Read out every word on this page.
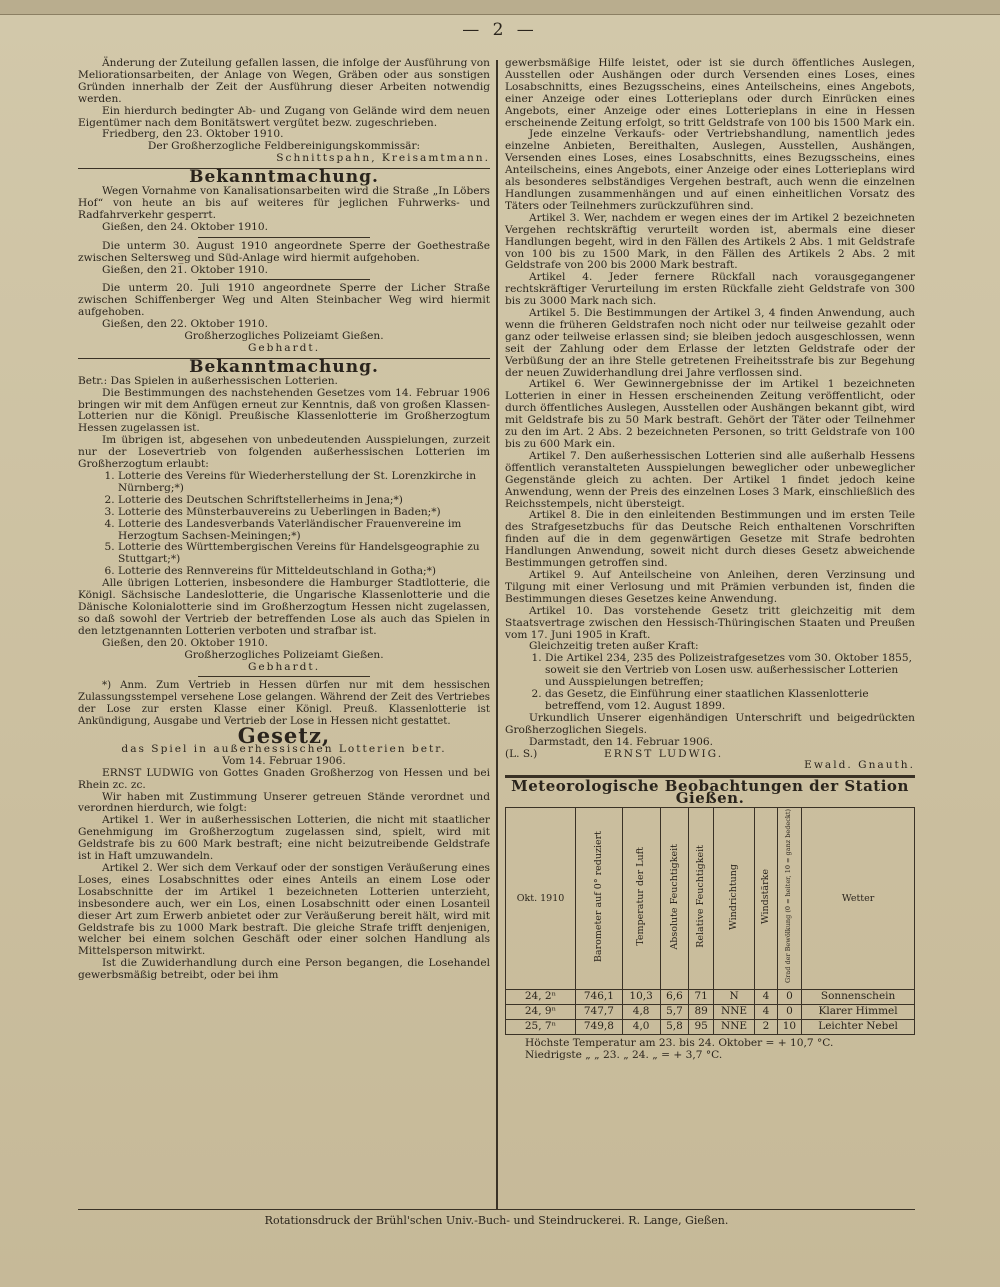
— 2 —

Änderung der Zuteilung gefallen lassen, die infolge der Ausführung von Meliorationsarbeiten, der Anlage von Wegen, Gräben oder aus sonstigen Gründen innerhalb der Zeit der Ausführung dieser Arbeiten notwendig werden.

Ein hierdurch bedingter Ab- und Zugang von Gelände wird dem neuen Eigentümer nach dem Bonitätswert vergütet bezw. zugeschrieben.

Friedberg, den 23. Oktober 1910.

Der Großherzogliche Feldbereinigungskommissär:

Schnittspahn, Kreisamtmann.

Bekanntmachung.

Wegen Vornahme von Kanalisationsarbeiten wird die Straße „In Löbers Hof“ von heute an bis auf weiteres für jeglichen Fuhrwerks- und Radfahrverkehr gesperrt.

Gießen, den 24. Oktober 1910.

Die unterm 30. August 1910 angeordnete Sperre der Goethestraße zwischen Selterswe̲g und Süd-Anlage wird hiermit aufgehoben.

Gießen, den 21. Oktober 1910.

Die unterm 20. Juli 1910 angeordnete Sperre der Licher Straße zwischen Schiffenberger Weg und Alten Steinbacher Weg wird hiermit aufgehoben.

Gießen, den 22. Oktober 1910.

Großherzogliches Polizeiamt Gießen.

Gebhardt.

Bekanntmachung.

Betr.: Das Spielen in außerhessischen Lotterien.

Die Bestimmungen des nachstehenden Gesetzes vom 14. Februar 1906 bringen wir mit dem Anfügen erneut zur Kenntnis, daß von großen Klassen-Lotterien nur die Königl. Preußische Klassenlotterie im Großherzogtum Hessen zugelassen ist.

Im übrigen ist, abgesehen von unbedeutenden Ausspielungen, zurzeit nur der Losevertrieb von folgenden außerhessischen Lotterien im Großherzogtum erlaubt:

1. Lotterie des Vereins für Wiederherstellung der St. Lorenzkirche in Nürnberg;*)
2. Lotterie des Deutschen Schriftstellerheims in Jena;*)
3. Lotterie des Münsterbauvereins zu Ueberlingen in Baden;*)
4. Lotterie des Landesverbands Vaterländischer Frauenvereine im Herzogtum Sachsen-Meiningen;*)
5. Lotterie des Württembergischen Vereins für Handelsgeographie zu Stuttgart;*)
6. Lotterie des Rennvereins für Mitteldeutschland in Gotha;*)

Alle übrigen Lotterien, insbesondere die Hamburger Stadtlotterie, die Königl. Sächsische Landeslotterie, die Ungarische Klassenlotterie und die Dänische Kolonialotterie sind im Großherzogtum Hessen nicht zugelassen, so daß sowohl der Vertrieb der betreffenden Lose als auch das Spielen in den letztgenannten Lotterien verboten und strafbar ist.

Gießen, den 20. Oktober 1910.

Großherzogliches Polizeiamt Gießen.

Gebhardt.

*) Anm. Zum Vertrieb in Hessen dürfen nur mit dem hessischen Zulassungsstempel versehene Lose gelangen. Während der Zeit des Vertriebes der Lose zur ersten Klasse einer Königl. Preuß. Klassenlotterie ist Ankündigung, Ausgabe und Vertrieb der Lose in Hessen nicht gestattet.

Gesetz,

das Spiel in außerhessischen Lotterien betr.

Vom 14. Februar 1906.

ERNST LUDWIG von Gottes Gnaden Großherzog von Hessen und bei Rhein zc. zc.

Wir haben mit Zustimmung Unserer getreuen Stände verordnet und verordnen hierdurch, wie folgt:

Artikel 1. Wer in außerhessischen Lotterien, die nicht mit staatlicher Genehmigung im Großherzogtum zugelassen sind, spielt, wird mit Geldstrafe bis zu 600 Mark bestraft; eine nicht beizutreibende Geldstrafe ist in Haft umzuwandeln.

Artikel 2. Wer sich dem Verkauf oder der sonstigen Veräußerung eines Loses, eines Losabschnittes oder eines Anteils an einem Lose oder Losabschnitte der im Artikel 1 bezeichneten Lotterien unterzieht, insbesondere auch, wer ein Los, einen Losabschnitt oder einen Losanteil dieser Art zum Erwerb anbietet oder zur Veräußerung bereit hält, wird mit Geldstrafe bis zu 1000 Mark bestraft. Die gleiche Strafe trifft denjenigen, welcher bei einem solchen Geschäft oder einer solchen Handlung als Mittelsperson mitwirkt.

Ist die Zuwiderhandlung durch eine Person begangen, die Losehandel gewerbsmäßig betreibt, oder bei ihm

gewerbsmäßige Hilfe leistet, oder ist sie durch öffentliches Auslegen, Ausstellen oder Aushängen oder durch Versenden eines Loses, eines Losabschnitts, eines Bezugsscheins, eines Anteilscheins, eines Angebots, einer Anzeige oder eines Lotterieplans oder durch Einrücken eines Angebots, einer Anzeige oder eines Lotterieplans in eine in Hessen erscheinende Zeitung erfolgt, so tritt Geldstrafe von 100 bis 1500 Mark ein.

Jede einzelne Verkaufs- oder Vertriebshandlung, namentlich jedes einzelne Anbieten, Bereithalten, Auslegen, Ausstellen, Aushängen, Versenden eines Loses, eines Losabschnitts, eines Bezugsscheins, eines Anteilscheins, eines Angebots, einer Anzeige oder eines Lotterieplans wird als besonderes selbständiges Vergehen bestraft, auch wenn die einzelnen Handlungen zusammenhängen und auf einen einheitlichen Vorsatz des Täters oder Teilnehmers zurückzuführen sind.

Artikel 3. Wer, nachdem er wegen eines der im Artikel 2 bezeichneten Vergehen rechtskräftig verurteilt worden ist, abermals eine dieser Handlungen begeht, wird in den Fällen des Artikels 2 Abs. 1 mit Geldstrafe von 100 bis zu 1500 Mark, in den Fällen des Artikels 2 Abs. 2 mit Geldstrafe von 200 bis 2000 Mark bestraft.

Artikel 4. Jeder fernere Rückfall nach vorausgegangener rechtskräftiger Verurteilung im ersten Rückfalle zieht Geldstrafe von 300 bis zu 3000 Mark nach sich.

Artikel 5. Die Bestimmungen der Artikel 3, 4 finden Anwendung, auch wenn die früheren Geldstrafen noch nicht oder nur teilweise gezahlt oder ganz oder teilweise erlassen sind; sie bleiben jedoch ausgeschlossen, wenn seit der Zahlung oder dem Erlasse der letzten Geldstrafe oder der Verbüßung der an ihre Stelle getretenen Freiheitsstrafe bis zur Begehung der neuen Zuwiderhandlung drei Jahre verflossen sind.

Artikel 6. Wer Gewinnergebnisse der im Artikel 1 bezeichneten Lotterien in einer in Hessen erscheinenden Zeitung veröffentlicht, oder durch öffentliches Auslegen, Ausstellen oder Aushängen bekannt gibt, wird mit Geldstrafe bis zu 50 Mark bestraft. Gehört der Täter oder Teilnehmer zu den im Art. 2 Abs. 2 bezeichneten Personen, so tritt Geldstrafe von 100 bis zu 600 Mark ein.

Artikel 7. Den außerhessischen Lotterien sind alle außerhalb Hessens öffentlich veranstalteten Ausspielungen beweglicher oder unbeweglicher Gegenstände gleich zu achten. Der Artikel 1 findet jedoch keine Anwendung, wenn der Preis des einzelnen Loses 3 Mark, einschließlich des Reichsstempels, nicht übersteigt.

Artikel 8. Die in den einleitenden Bestimmungen und im ersten Teile des Strafgesetzbuchs für das Deutsche Reich enthaltenen Vorschriften finden auf die in dem gegenwärtigen Gesetze mit Strafe bedrohten Handlungen Anwendung, soweit nicht durch dieses Gesetz abweichende Bestimmungen getroffen sind.

Artikel 9. Auf Anteilscheine von Anleihen, deren Verzinsung und Tilgung mit einer Verlosung und mit Prämien verbunden ist, finden die Bestimmungen dieses Gesetzes keine Anwendung.

Artikel 10. Das vorstehende Gesetz tritt gleichzeitig mit dem Staatsvertrage zwischen den Hessisch-Thüringischen Staaten und Preußen vom 17. Juni 1905 in Kraft.

Gleichzeitig treten außer Kraft:

1. Die Artikel 234, 235 des Polizeistrafgesetzes vom 30. Oktober 1855, soweit sie den Vertrieb von Losen usw. außerhessischer Lotterien und Ausspielungen betreffen;
2. das Gesetz, die Einführung einer staatlichen Klassenlotterie betreffend, vom 12. August 1899.

Urkundlich Unserer eigenhändigen Unterschrift und beigedrückten Großherzoglichen Siegels.

Darmstadt, den 14. Februar 1906.

(L. S.)	ERNST LUDWIG.

Ewald. Gnauth.

Meteorologische Beobachtungen der Station Gießen.
Okt. 1910	Barometer auf 0° reduziert	Temperatur der Luft	Absolute Feuchtigkeit	Relative Feuchtigkeit	Windrichtung	Windstärke	Grad der Bewölkung (0 = heiter, 10 = ganz bedeckt)	Wetter
24, 2ⁿ	746,1	10,3	6,6	71	N	4	0	Sonnenschein
24, 9ⁿ	747,7	4,8	5,7	89	NNE	4	0	Klarer Himmel
25, 7ⁿ	749,8	4,0	5,8	95	NNE	2	10	Leichter Nebel

Höchste Temperatur am 23. bis 24. Oktober = + 10,7 °C.

Niedrigste „ „ 23. „ 24. „ = + 3,7 °C.

Rotationsdruck der Brühl'schen Univ.-Buch- und Steindruckerei. R. Lange, Gießen.
